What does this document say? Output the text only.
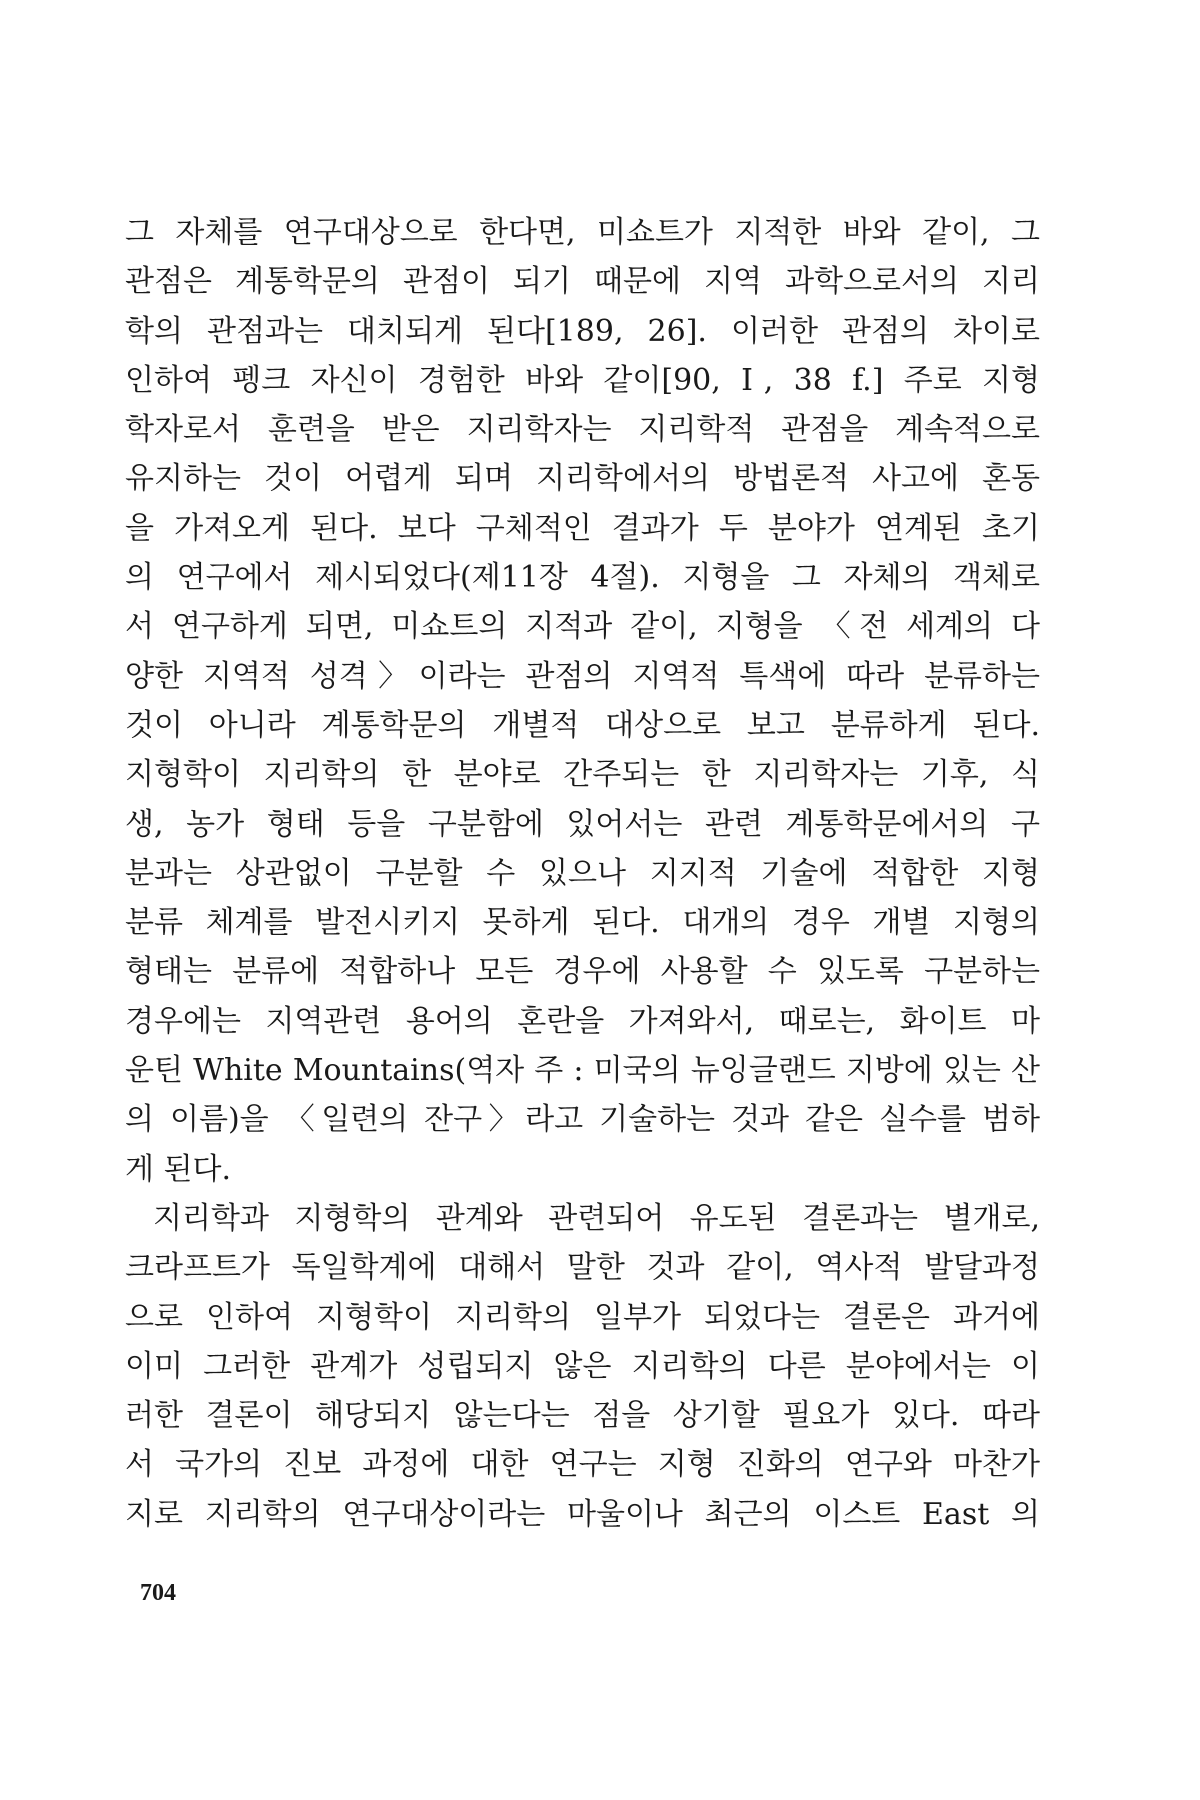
그 자체를 연구대상으로 한다면, 미쇼트가 지적한 바와 같이, 그
관점은 계통학문의 관점이 되기 때문에 지역 과학으로서의 지리
학의 관점과는 대치되게 된다[189, 26]. 이러한 관점의 차이로
인하여 펭크 자신이 경험한 바와 같이[90, Ⅰ, 38 f.] 주로 지형
학자로서 훈련을 받은 지리학자는 지리학적 관점을 계속적으로
유지하는 것이 어렵게 되며 지리학에서의 방법론적 사고에 혼동
을 가져오게 된다. 보다 구체적인 결과가 두 분야가 연계된 초기
의 연구에서 제시되었다(제11장 4절). 지형을 그 자체의 객체로
서 연구하게 되면, 미쇼트의 지적과 같이, 지형을 〈전 세계의 다
양한 지역적 성격〉이라는 관점의 지역적 특색에 따라 분류하는
것이 아니라 계통학문의 개별적 대상으로 보고 분류하게 된다.
지형학이 지리학의 한 분야로 간주되는 한 지리학자는 기후, 식
생, 농가 형태 등을 구분함에 있어서는 관련 계통학문에서의 구
분과는 상관없이 구분할 수 있으나 지지적 기술에 적합한 지형
분류 체계를 발전시키지 못하게 된다. 대개의 경우 개별 지형의
형태는 분류에 적합하나 모든 경우에 사용할 수 있도록 구분하는
경우에는 지역관련 용어의 혼란을 가져와서, 때로는, 화이트 마
운틴 White Mountains(역자 주 : 미국의 뉴잉글랜드 지방에 있는 산
의 이름)을 〈일련의 잔구〉라고 기술하는 것과 같은 실수를 범하
게 된다.
지리학과 지형학의 관계와 관련되어 유도된 결론과는 별개로,
크라프트가 독일학계에 대해서 말한 것과 같이, 역사적 발달과정
으로 인하여 지형학이 지리학의 일부가 되었다는 결론은 과거에
이미 그러한 관계가 성립되지 않은 지리학의 다른 분야에서는 이
러한 결론이 해당되지 않는다는 점을 상기할 필요가 있다. 따라
서 국가의 진보 과정에 대한 연구는 지형 진화의 연구와 마찬가
지로 지리학의 연구대상이라는 마울이나 최근의 이스트 East 의
704
